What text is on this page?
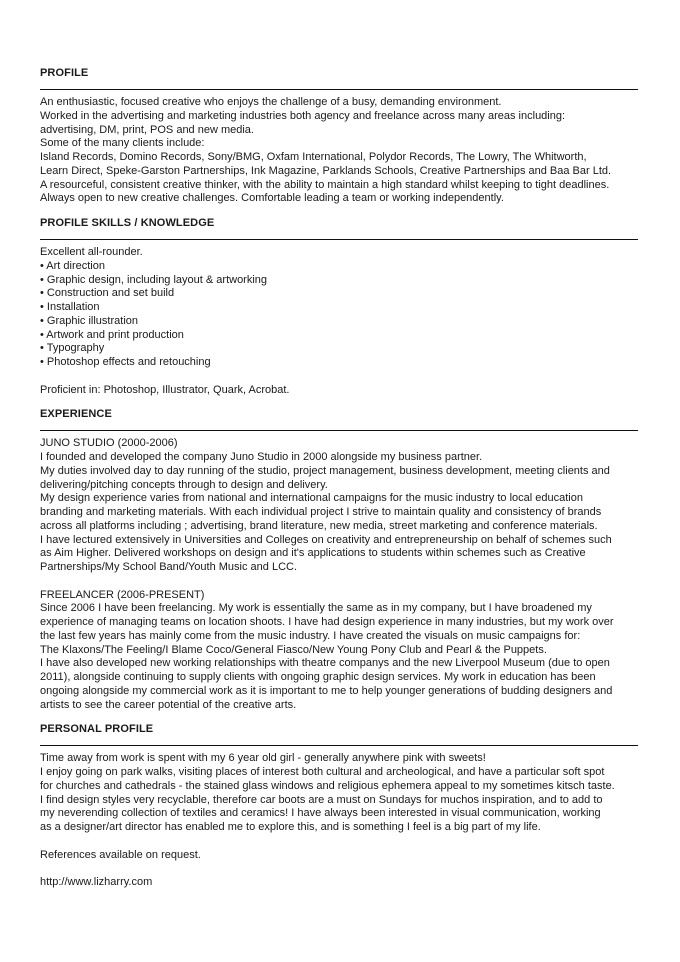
PROFILE
An enthusiastic, focused creative who enjoys the challenge of a busy, demanding environment.
Worked in the advertising and marketing industries both agency and freelance across many areas including:
advertising, DM, print, POS and new media.
Some of the many clients include:
Island Records, Domino Records, Sony/BMG, Oxfam International, Polydor Records, The Lowry, The Whitworth,
Learn Direct, Speke-Garston Partnerships, Ink Magazine, Parklands Schools, Creative Partnerships and Baa Bar Ltd.
A resourceful, consistent creative thinker, with the ability to maintain a high standard whilst keeping to tight deadlines.
Always open to new creative challenges. Comfortable leading a team or working independently.
PROFILE SKILLS / KNOWLEDGE
Excellent all-rounder.
• Art direction
• Graphic design, including layout & artworking
• Construction and set build
• Installation
• Graphic illustration
• Artwork and print production
• Typography
• Photoshop effects and retouching
Proficient in: Photoshop, Illustrator, Quark, Acrobat.
EXPERIENCE
JUNO STUDIO (2000-2006)
I founded and developed the company Juno Studio in 2000 alongside my business partner.
My duties involved day to day running of the studio, project management, business development, meeting clients and
delivering/pitching concepts through to design and delivery.
My design experience varies from national and international campaigns for the music industry to local education
branding and marketing materials. With each individual project I strive to maintain quality and consistency of brands
across all platforms including ; advertising, brand literature, new media, street marketing and conference materials.
I have lectured extensively in Universities and Colleges on creativity and entrepreneurship on behalf of schemes such
as Aim Higher. Delivered workshops on design and it's applications to students within schemes such as Creative
Partnerships/My School Band/Youth Music and LCC.
FREELANCER (2006-PRESENT)
Since 2006 I have been freelancing. My work is essentially the same as in my company, but I have broadened my
experience of managing teams on location shoots. I have had design experience in many industries, but my work over
the last few years has mainly come from the music industry. I have created the visuals on music campaigns for:
The Klaxons/The Feeling/I Blame Coco/General Fiasco/New Young Pony Club and Pearl & the Puppets.
I have also developed new working relationships with theatre companys and the new Liverpool Museum (due to open
2011), alongside continuing to supply clients with ongoing graphic design services. My work in education has been
ongoing alongside my commercial work as it is important to me to help younger generations of budding designers and
artists to see the career potential of the creative arts.
PERSONAL PROFILE
Time away from work is spent with my 6 year old girl - generally anywhere pink with sweets!
I enjoy going on park walks, visiting places of interest both cultural and archeological, and have a particular soft spot
for churches and cathedrals - the stained glass windows and religious ephemera appeal to my sometimes kitsch taste.
I find design styles very recyclable, therefore car boots are a must on Sundays for muchos inspiration, and to add to
my neverending collection of textiles and ceramics! I have always been interested in visual communication, working
as a designer/art director has enabled me to explore this, and is something I feel is a big part of my life.
References available on request.
http://www.lizharry.com
